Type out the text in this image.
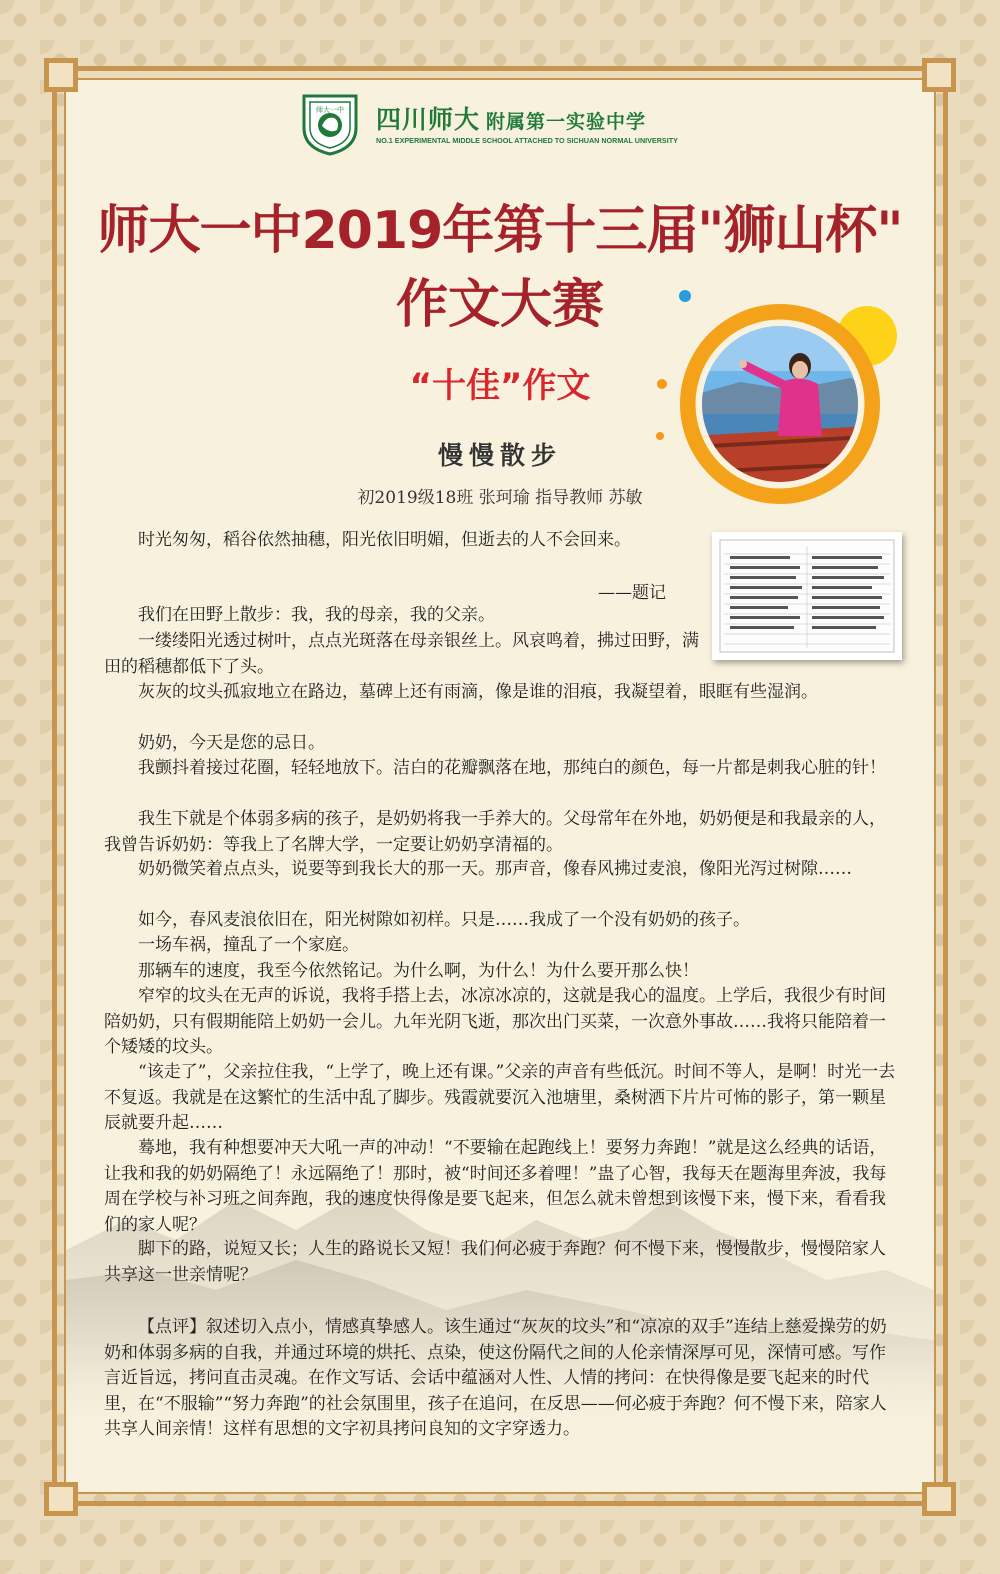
师大一中 四川师大 附属第一实验中学
NO.1 EXPERIMENTAL MIDDLE SCHOOL ATTACHED TO SICHUAN NORMAL UNIVERSITY
师大一中2019年第十三届"狮山杯"
作文大赛
“十佳”作文
慢慢散步
初2019级18班 张珂瑜 指导教师 苏敏

时光匆匆，稻谷依然抽穗，阳光依旧明媚，但逝去的人不会回来。

——题记

我们在田野上散步：我，我的母亲，我的父亲。

一缕缕阳光透过树叶，点点光斑落在母亲银丝上。风哀鸣着，拂过田野，满田的稻穗都低下了头。

灰灰的坟头孤寂地立在路边，墓碑上还有雨滴，像是谁的泪痕，我凝望着，眼眶有些湿润。

奶奶，今天是您的忌日。

我颤抖着接过花圈，轻轻地放下。洁白的花瓣飘落在地，那纯白的颜色，每一片都是刺我心脏的针！

我生下就是个体弱多病的孩子，是奶奶将我一手养大的。父母常年在外地，奶奶便是和我最亲的人，我曾告诉奶奶：等我上了名牌大学，一定要让奶奶享清福的。

奶奶微笑着点点头，说要等到我长大的那一天。那声音，像春风拂过麦浪，像阳光泻过树隙……

如今，春风麦浪依旧在，阳光树隙如初样。只是……我成了一个没有奶奶的孩子。

一场车祸，撞乱了一个家庭。

那辆车的速度，我至今依然铭记。为什么啊，为什么！为什么要开那么快！

窄窄的坟头在无声的诉说，我将手搭上去，冰凉冰凉的，这就是我心的温度。上学后，我很少有时间陪奶奶，只有假期能陪上奶奶一会儿。九年光阴飞逝，那次出门买菜，一次意外事故……我将只能陪着一个矮矮的坟头。

“该走了”，父亲拉住我，“上学了，晚上还有课。”父亲的声音有些低沉。时间不等人，是啊！时光一去不复返。我就是在这繁忙的生活中乱了脚步。残霞就要沉入池塘里，桑树洒下片片可怖的影子，第一颗星辰就要升起……

蓦地，我有种想要冲天大吼一声的冲动！“不要输在起跑线上！要努力奔跑！”就是这么经典的话语，让我和我的奶奶隔绝了！永远隔绝了！那时，被“时间还多着哩！”蛊了心智，我每天在题海里奔波，我每周在学校与补习班之间奔跑，我的速度快得像是要飞起来，但怎么就未曾想到该慢下来，慢下来，看看我们的家人呢？

脚下的路，说短又长；人生的路说长又短！我们何必疲于奔跑？何不慢下来，慢慢散步，慢慢陪家人共享这一世亲情呢？

【点评】叙述切入点小，情感真挚感人。该生通过“灰灰的坟头”和“凉凉的双手”连结上慈爱操劳的奶奶和体弱多病的自我，并通过环境的烘托、点染，使这份隔代之间的人伦亲情深厚可见，深情可感。写作言近旨远，拷问直击灵魂。在作文写话、会话中蕴涵对人性、人情的拷问：在快得像是要飞起来的时代里，在“不服输”“努力奔跑”的社会氛围里，孩子在追问，在反思——何必疲于奔跑？何不慢下来，陪家人共享人间亲情！这样有思想的文字初具拷问良知的文字穿透力。
